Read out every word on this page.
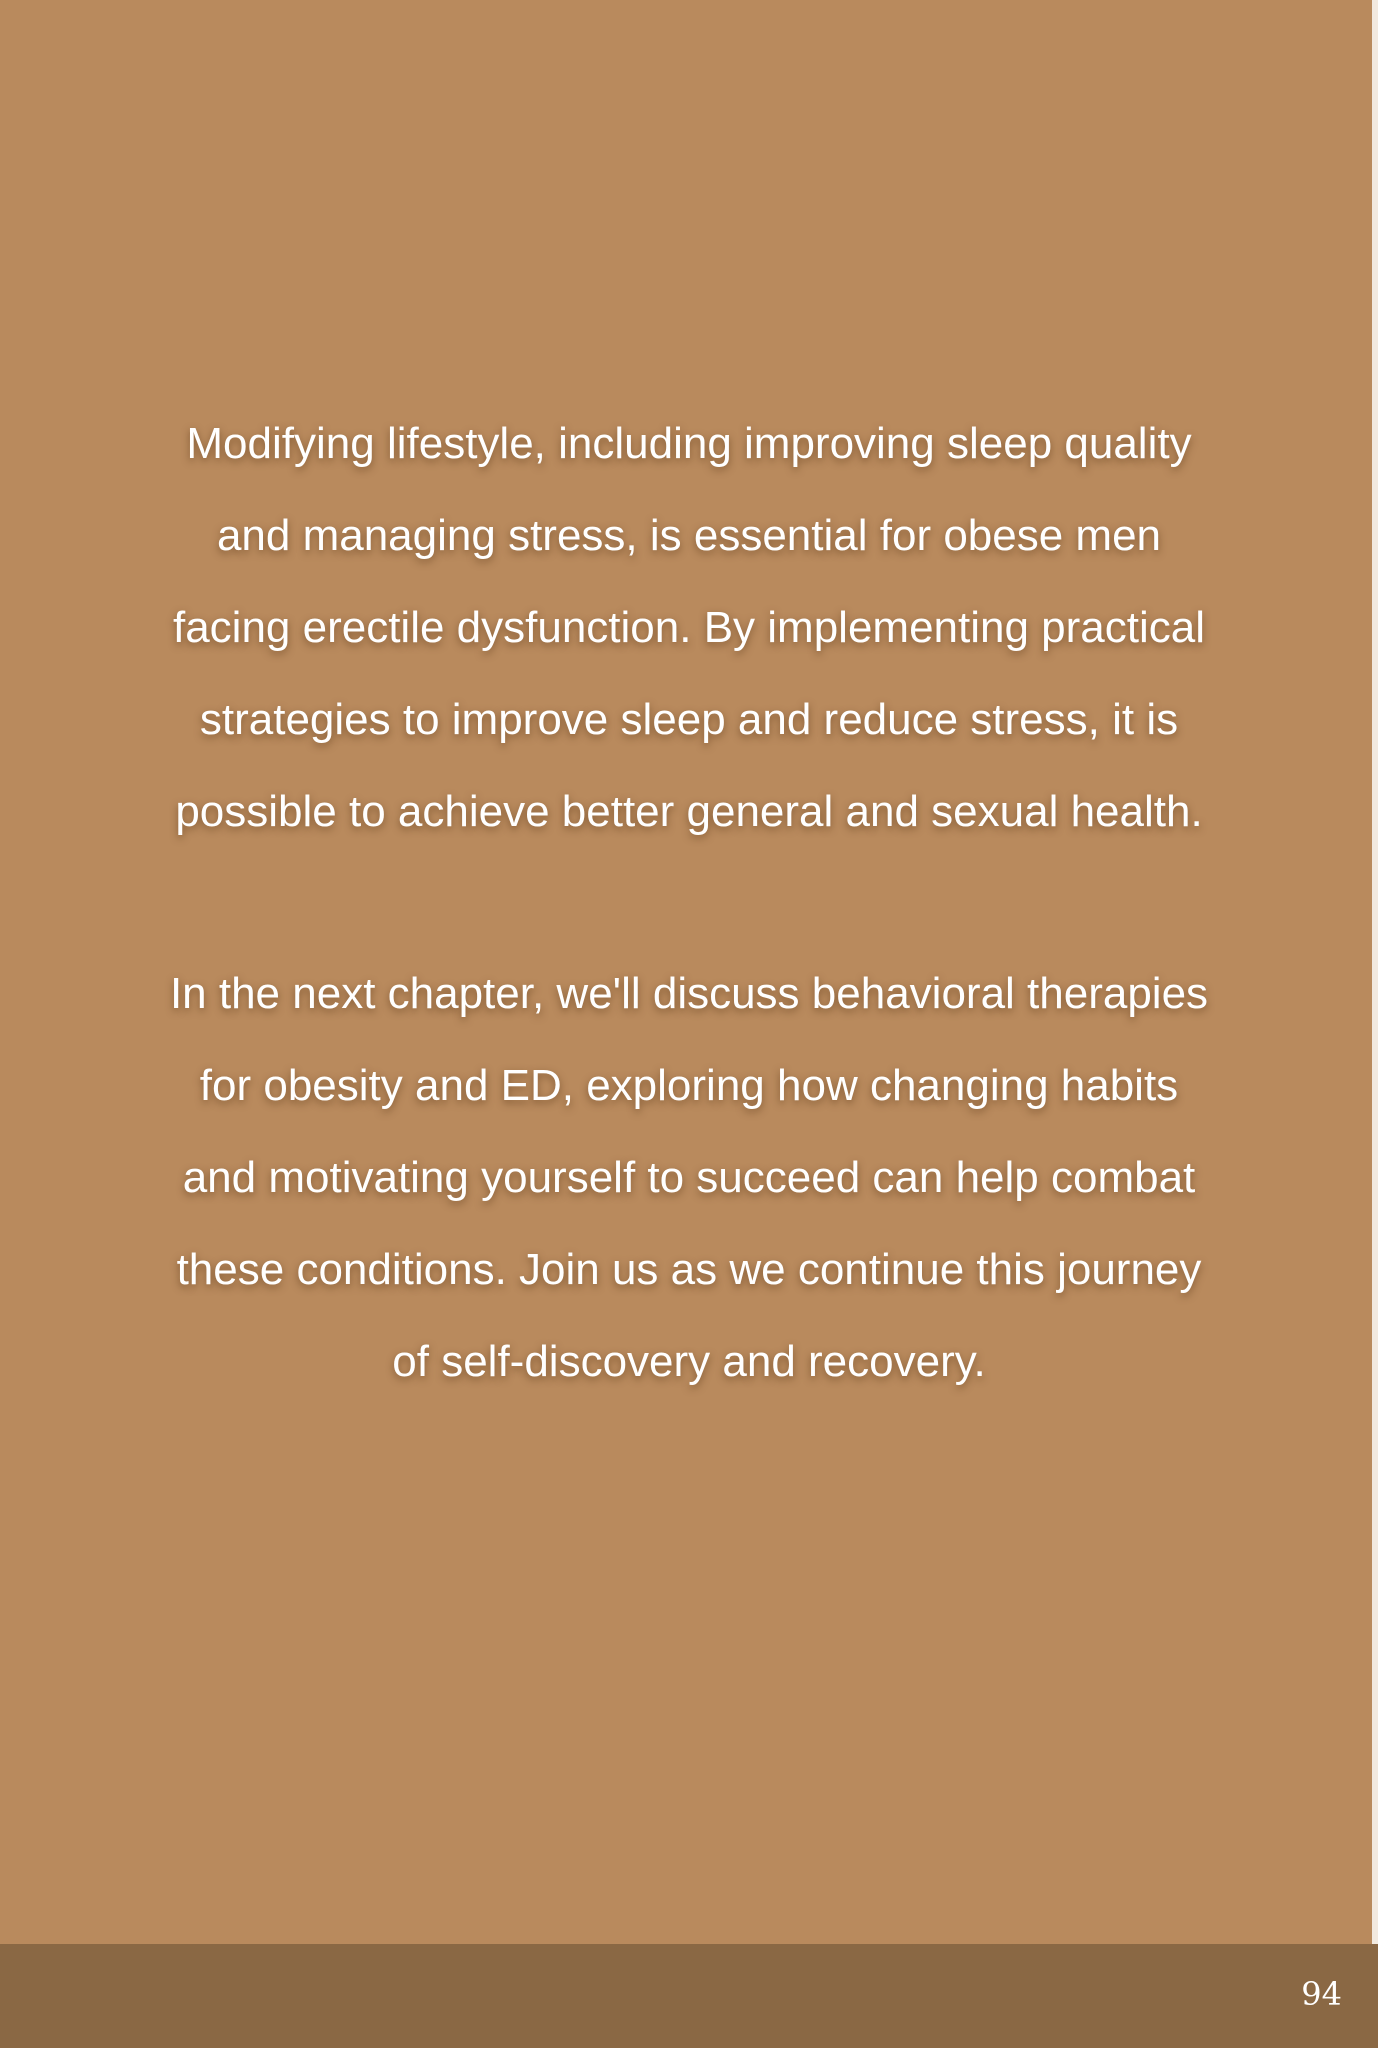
Modifying lifestyle, including improving sleep quality and managing stress, is essential for obese men facing erectile dysfunction. By implementing practical strategies to improve sleep and reduce stress, it is possible to achieve better general and sexual health.

In the next chapter, we'll discuss behavioral therapies for obesity and ED, exploring how changing habits and motivating yourself to succeed can help combat these conditions. Join us as we continue this journey of self-discovery and recovery.

94
